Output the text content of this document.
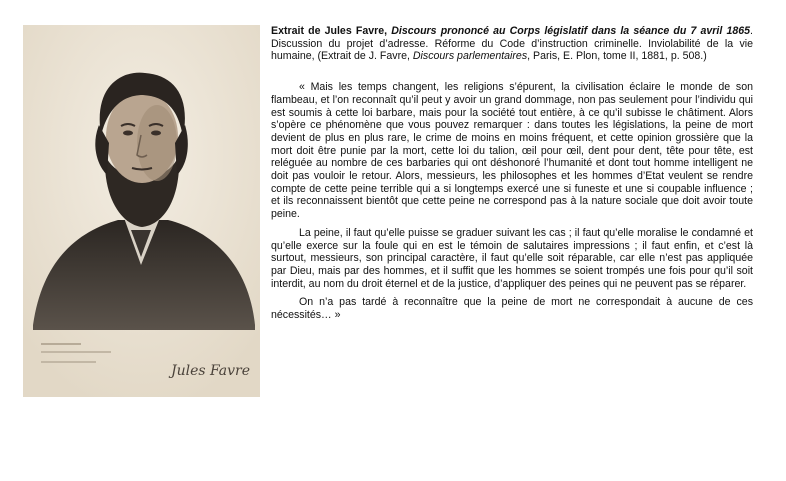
Jules Favre

Extrait de Jules Favre, Discours prononcé au Corps législatif dans la séance du 7 avril 1865. Discussion du projet d’adresse. Réforme du Code d’instruction criminelle. Inviolabilité de la vie humaine, (Extrait de J. Favre, Discours parlementaires, Paris, E. Plon, tome II, 1881, p. 508.)

« Mais les temps changent, les religions s’épurent, la civilisation éclaire le monde de son flambeau, et l’on reconnaît qu’il peut y avoir un grand dommage, non pas seulement pour l’individu qui est soumis à cette loi barbare, mais pour la société tout entière, à ce qu’il subisse le châtiment. Alors s’opère ce phénomène que vous pouvez remarquer : dans toutes les législations, la peine de mort devient de plus en plus rare, le crime de moins en moins fréquent, et cette opinion grossière que la mort doit être punie par la mort, cette loi du talion, œil pour œil, dent pour dent, tête pour tête, est reléguée au nombre de ces barbaries qui ont déshonoré l’humanité et dont tout homme intelligent ne doit pas vouloir le retour. Alors, messieurs, les philosophes et les hommes d’Etat veulent se rendre compte de cette peine terrible qui a si longtemps exercé une si funeste et une si coupable influence ; et ils reconnaissent bientôt que cette peine ne correspond pas à la nature sociale que doit avoir toute peine.

La peine, il faut qu’elle puisse se graduer suivant les cas ; il faut qu’elle moralise le condamné et qu’elle exerce sur la foule qui en est le témoin de salutaires impressions ; il faut enfin, et c’est là surtout, messieurs, son principal caractère, il faut qu’elle soit réparable, car elle n’est pas appliquée par Dieu, mais par des hommes, et il suffit que les hommes se soient trompés une fois pour qu’il soit interdit, au nom du droit éternel et de la justice, d’appliquer des peines qui ne peuvent pas se réparer.

On n’a pas tardé à reconnaître que la peine de mort ne correspondait à aucune de ces nécessités… »
